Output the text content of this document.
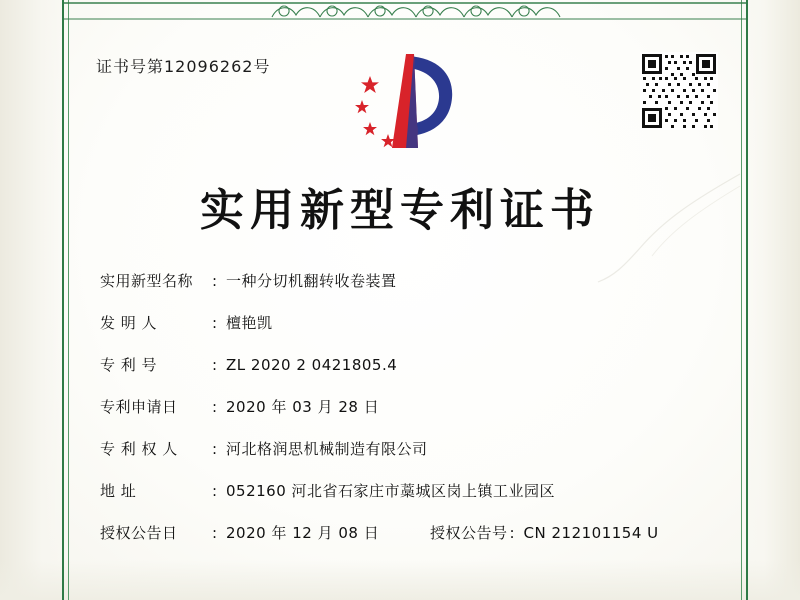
证书号第12096262号
实用新型专利证书
实用新型名称	: 一种分切机翻转收卷装置
发 明 人	: 檀艳凯
专 利 号	: ZL 2020 2 0421805.4
专利申请日	: 2020 年 03 月 28 日
专 利 权 人	: 河北格润思机械制造有限公司
地 址	: 052160 河北省石家庄市藁城区岗上镇工业园区
授权公告日	: 2020 年 12 月 08 日	授权公告号 : CN 212101154 U
